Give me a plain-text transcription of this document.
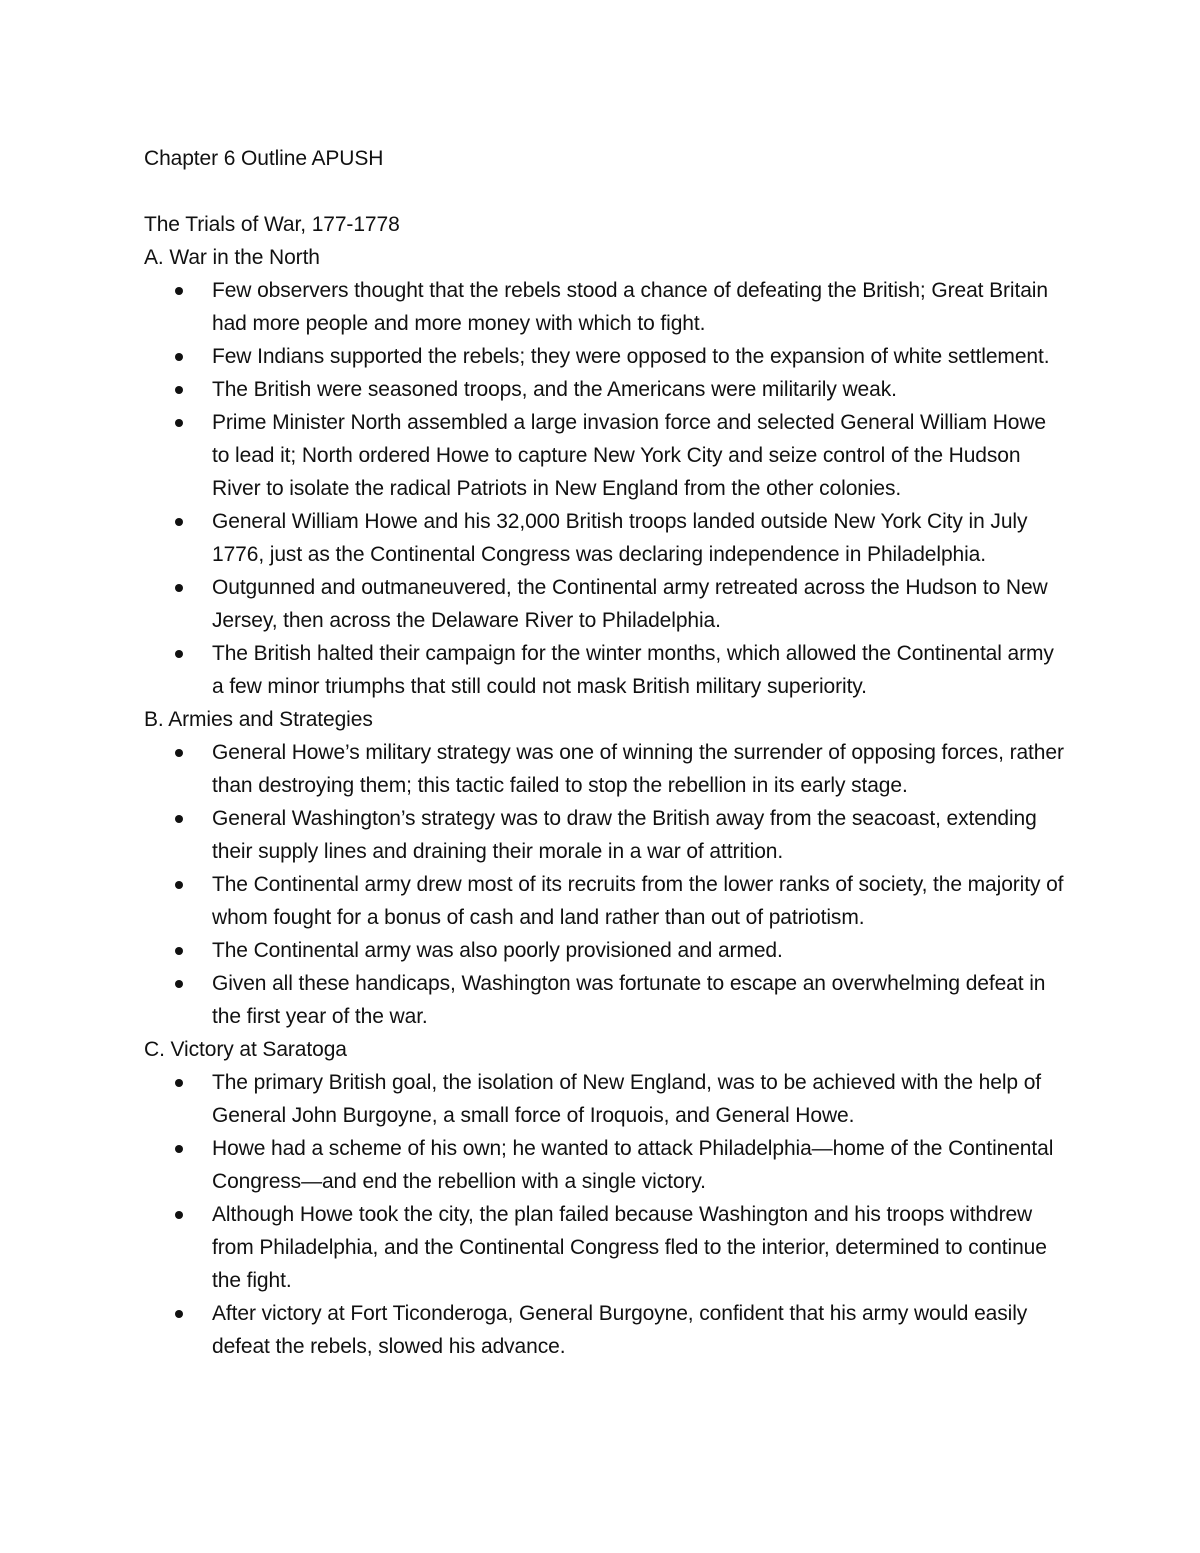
Chapter 6 Outline APUSH

The Trials of War, 177-1778

A. War in the North

Few observers thought that the rebels stood a chance of defeating the British; Great Britain had more people and more money with which to fight.
Few Indians supported the rebels; they were opposed to the expansion of white settlement.
The British were seasoned troops, and the Americans were militarily weak.
Prime Minister North assembled a large invasion force and selected General William Howe to lead it; North ordered Howe to capture New York City and seize control of the Hudson River to isolate the radical Patriots in New England from the other colonies.
General William Howe and his 32,000 British troops landed outside New York City in July 1776, just as the Continental Congress was declaring independence in Philadelphia.
Outgunned and outmaneuvered, the Continental army retreated across the Hudson to New Jersey, then across the Delaware River to Philadelphia.
The British halted their campaign for the winter months, which allowed the Continental army a few minor triumphs that still could not mask British military superiority.

B. Armies and Strategies

General Howe’s military strategy was one of winning the surrender of opposing forces, rather than destroying them; this tactic failed to stop the rebellion in its early stage.
General Washington’s strategy was to draw the British away from the seacoast, extending their supply lines and draining their morale in a war of attrition.
The Continental army drew most of its recruits from the lower ranks of society, the majority of whom fought for a bonus of cash and land rather than out of patriotism.
The Continental army was also poorly provisioned and armed.
Given all these handicaps, Washington was fortunate to escape an overwhelming defeat in the first year of the war.

C. Victory at Saratoga

The primary British goal, the isolation of New England, was to be achieved with the help of General John Burgoyne, a small force of Iroquois, and General Howe.
Howe had a scheme of his own; he wanted to attack Philadelphia—home of the Continental Congress—and end the rebellion with a single victory.
Although Howe took the city, the plan failed because Washington and his troops withdrew from Philadelphia, and the Continental Congress fled to the interior, determined to continue the fight.
After victory at Fort Ticonderoga, General Burgoyne, confident that his army would easily defeat the rebels, slowed his advance.
